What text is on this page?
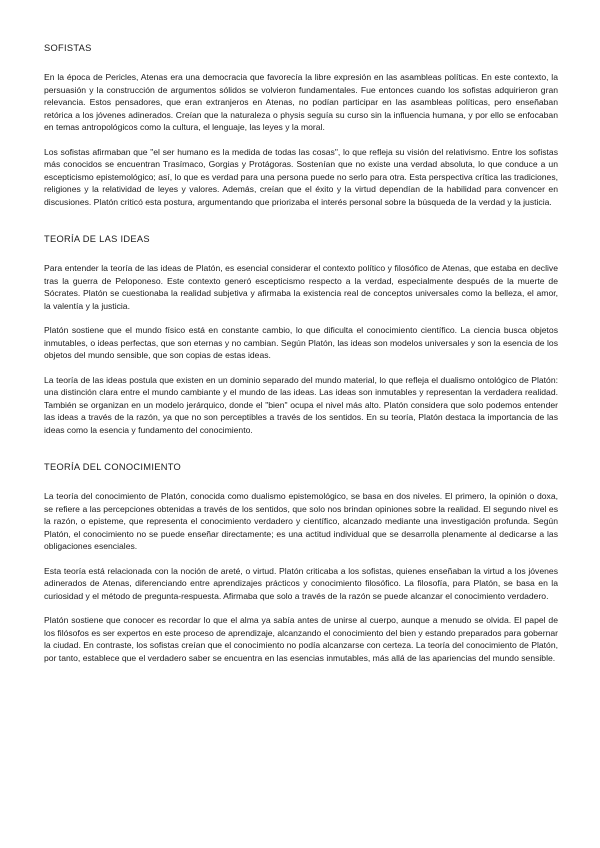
SOFISTAS

En la época de Pericles, Atenas era una democracia que favorecía la libre expresión en las asambleas políticas. En este contexto, la persuasión y la construcción de argumentos sólidos se volvieron fundamentales. Fue entonces cuando los sofistas adquirieron gran relevancia. Estos pensadores, que eran extranjeros en Atenas, no podían participar en las asambleas políticas, pero enseñaban retórica a los jóvenes adinerados. Creían que la naturaleza o physis seguía su curso sin la influencia humana, y por ello se enfocaban en temas antropológicos como la cultura, el lenguaje, las leyes y la moral.

Los sofistas afirmaban que "el ser humano es la medida de todas las cosas", lo que refleja su visión del relativismo. Entre los sofistas más conocidos se encuentran Trasímaco, Gorgias y Protágoras. Sostenían que no existe una verdad absoluta, lo que conduce a un escepticismo epistemológico; así, lo que es verdad para una persona puede no serlo para otra. Esta perspectiva crítica las tradiciones, religiones y la relatividad de leyes y valores. Además, creían que el éxito y la virtud dependían de la habilidad para convencer en discusiones. Platón criticó esta postura, argumentando que priorizaba el interés personal sobre la búsqueda de la verdad y la justicia.

TEORÍA DE LAS IDEAS

Para entender la teoría de las ideas de Platón, es esencial considerar el contexto político y filosófico de Atenas, que estaba en declive tras la guerra de Peloponeso. Este contexto generó escepticismo respecto a la verdad, especialmente después de la muerte de Sócrates. Platón se cuestionaba la realidad subjetiva y afirmaba la existencia real de conceptos universales como la belleza, el amor, la valentía y la justicia.

Platón sostiene que el mundo físico está en constante cambio, lo que dificulta el conocimiento científico. La ciencia busca objetos inmutables, o ideas perfectas, que son eternas y no cambian. Según Platón, las ideas son modelos universales y son la esencia de los objetos del mundo sensible, que son copias de estas ideas.

La teoría de las ideas postula que existen en un dominio separado del mundo material, lo que refleja el dualismo ontológico de Platón: una distinción clara entre el mundo cambiante y el mundo de las ideas. Las ideas son inmutables y representan la verdadera realidad. También se organizan en un modelo jerárquico, donde el "bien" ocupa el nivel más alto. Platón considera que solo podemos entender las ideas a través de la razón, ya que no son perceptibles a través de los sentidos. En su teoría, Platón destaca la importancia de las ideas como la esencia y fundamento del conocimiento.

TEORÍA DEL CONOCIMIENTO

La teoría del conocimiento de Platón, conocida como dualismo epistemológico, se basa en dos niveles. El primero, la opinión o doxa, se refiere a las percepciones obtenidas a través de los sentidos, que solo nos brindan opiniones sobre la realidad. El segundo nivel es la razón, o episteme, que representa el conocimiento verdadero y científico, alcanzado mediante una investigación profunda. Según Platón, el conocimiento no se puede enseñar directamente; es una actitud individual que se desarrolla plenamente al dedicarse a las obligaciones esenciales.

Esta teoría está relacionada con la noción de areté, o virtud. Platón criticaba a los sofistas, quienes enseñaban la virtud a los jóvenes adinerados de Atenas, diferenciando entre aprendizajes prácticos y conocimiento filosófico. La filosofía, para Platón, se basa en la curiosidad y el método de pregunta-respuesta. Afirmaba que solo a través de la razón se puede alcanzar el conocimiento verdadero.

Platón sostiene que conocer es recordar lo que el alma ya sabía antes de unirse al cuerpo, aunque a menudo se olvida. El papel de los filósofos es ser expertos en este proceso de aprendizaje, alcanzando el conocimiento del bien y estando preparados para gobernar la ciudad. En contraste, los sofistas creían que el conocimiento no podía alcanzarse con certeza. La teoría del conocimiento de Platón, por tanto, establece que el verdadero saber se encuentra en las esencias inmutables, más allá de las apariencias del mundo sensible.
